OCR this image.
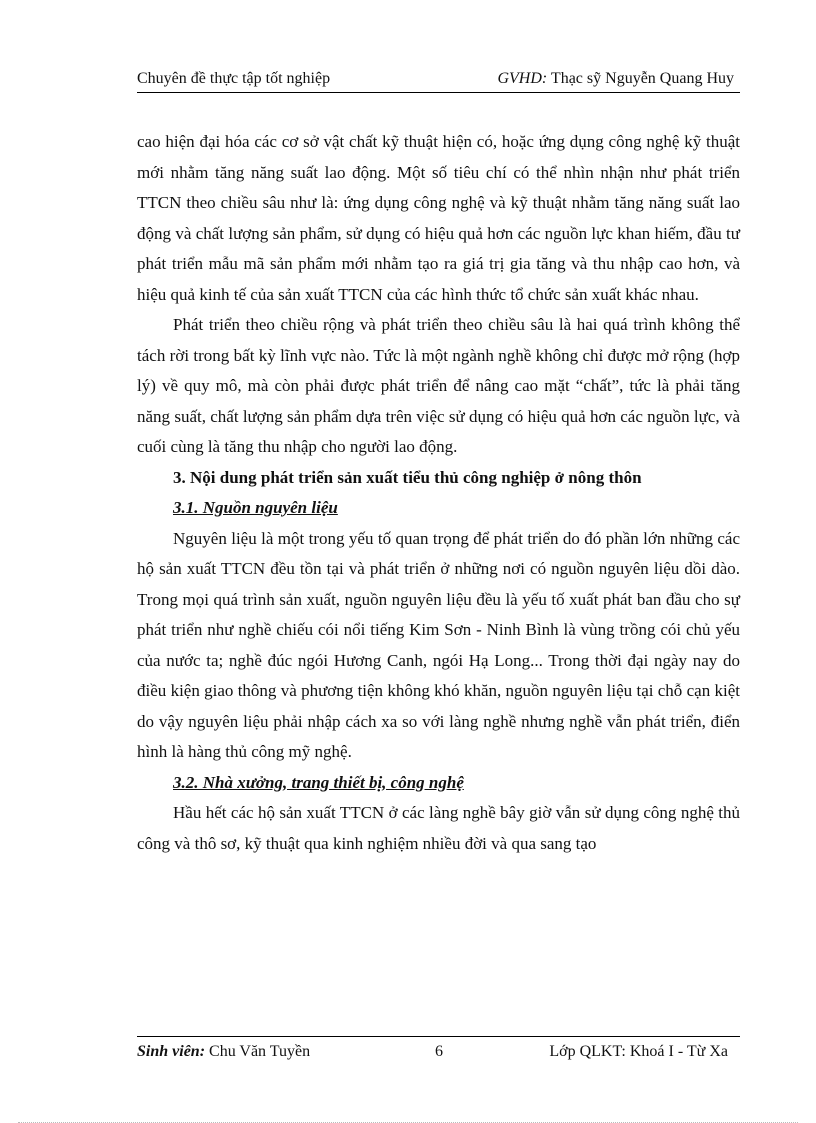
Chuyên đề thực tập tốt nghiệp	GVHD: Thạc sỹ Nguyễn Quang Huy

cao hiện đại hóa các cơ sở vật chất kỹ thuật hiện có, hoặc ứng dụng công nghệ kỹ thuật mới nhằm tăng năng suất lao động. Một số tiêu chí có thể nhìn nhận như phát triển TTCN theo chiều sâu như là: ứng dụng công nghệ và kỹ thuật nhằm tăng năng suất lao động và chất lượng sản phẩm, sử dụng có hiệu quả hơn các nguồn lực khan hiếm, đầu tư phát triển mẫu mã sản phẩm mới nhằm tạo ra giá trị gia tăng và thu nhập cao hơn, và hiệu quả kinh tế của sản xuất TTCN của các hình thức tổ chức sản xuất khác nhau.

Phát triển theo chiều rộng và phát triển theo chiều sâu là hai quá trình không thể tách rời trong bất kỳ lĩnh vực nào. Tức là một ngành nghề không chỉ được mở rộng (hợp lý) về quy mô, mà còn phải được phát triển để nâng cao mặt “chất”, tức là phải tăng năng suất, chất lượng sản phẩm dựa trên việc sử dụng có hiệu quả hơn các nguồn lực, và cuối cùng là tăng thu nhập cho người lao động.

3. Nội dung phát triển sản xuất tiểu thủ công nghiệp ở nông thôn
3.1. Nguồn nguyên liệu

Nguyên liệu là một trong yếu tố quan trọng để phát triển do đó phần lớn những các hộ sản xuất TTCN đều tồn tại và phát triển ở những nơi có nguồn nguyên liệu dồi dào. Trong mọi quá trình sản xuất, nguồn nguyên liệu đều là yếu tố xuất phát ban đầu cho sự phát triển như nghề chiếu cói nổi tiếng Kim Sơn - Ninh Bình là vùng trồng cói chủ yếu của nước ta; nghề đúc ngói Hương Canh, ngói Hạ Long... Trong thời đại ngày nay do điều kiện giao thông và phương tiện không khó khăn, nguồn nguyên liệu tại chỗ cạn kiệt do vậy nguyên liệu phải nhập cách xa so với làng nghề nhưng nghề vẫn phát triển, điển hình là hàng thủ công mỹ nghệ.

3.2. Nhà xưởng, trang thiết bị, công nghệ

Hầu hết các hộ sản xuất TTCN ở các làng nghề bây giờ vẫn sử dụng công nghệ thủ công và thô sơ, kỹ thuật qua kinh nghiệm nhiều đời và qua sang tạo

Sinh viên: Chu Văn Tuyền	6	Lớp QLKT: Khoá I - Từ Xa
